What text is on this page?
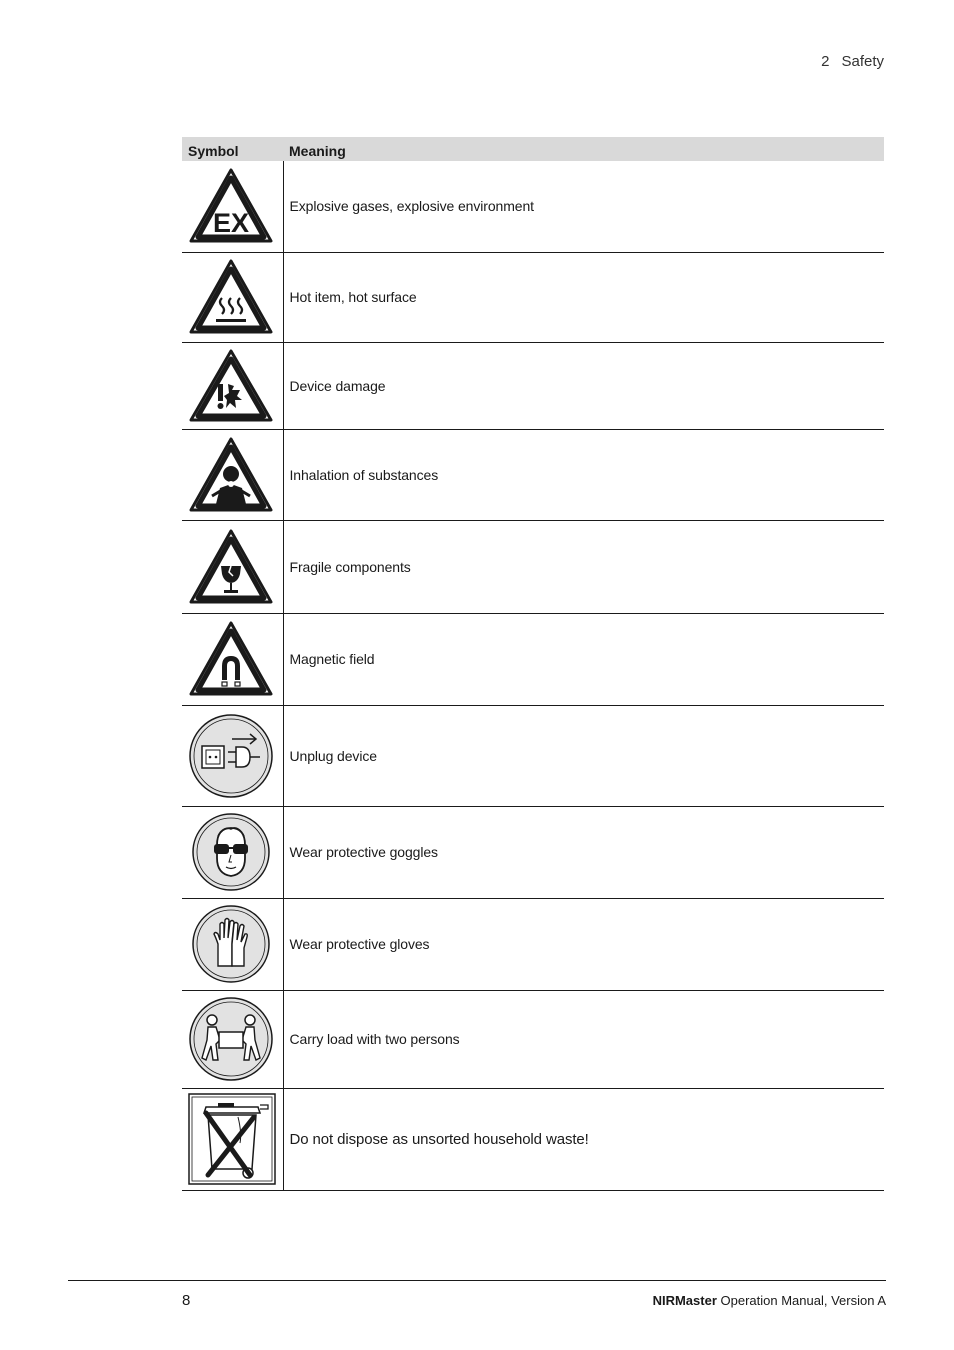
2 Safety
Symbol	Meaning

EX	Explosive gases, explosive environment

	Hot item, hot surface

	Device damage

	Inhalation of substances

	Fragile components

	Magnetic field

	Unplug device

	Wear protective goggles

	Wear protective gloves

	Carry load with two persons

	Do not dispose as unsorted household waste!
8	NIRMaster Operation Manual, Version A
